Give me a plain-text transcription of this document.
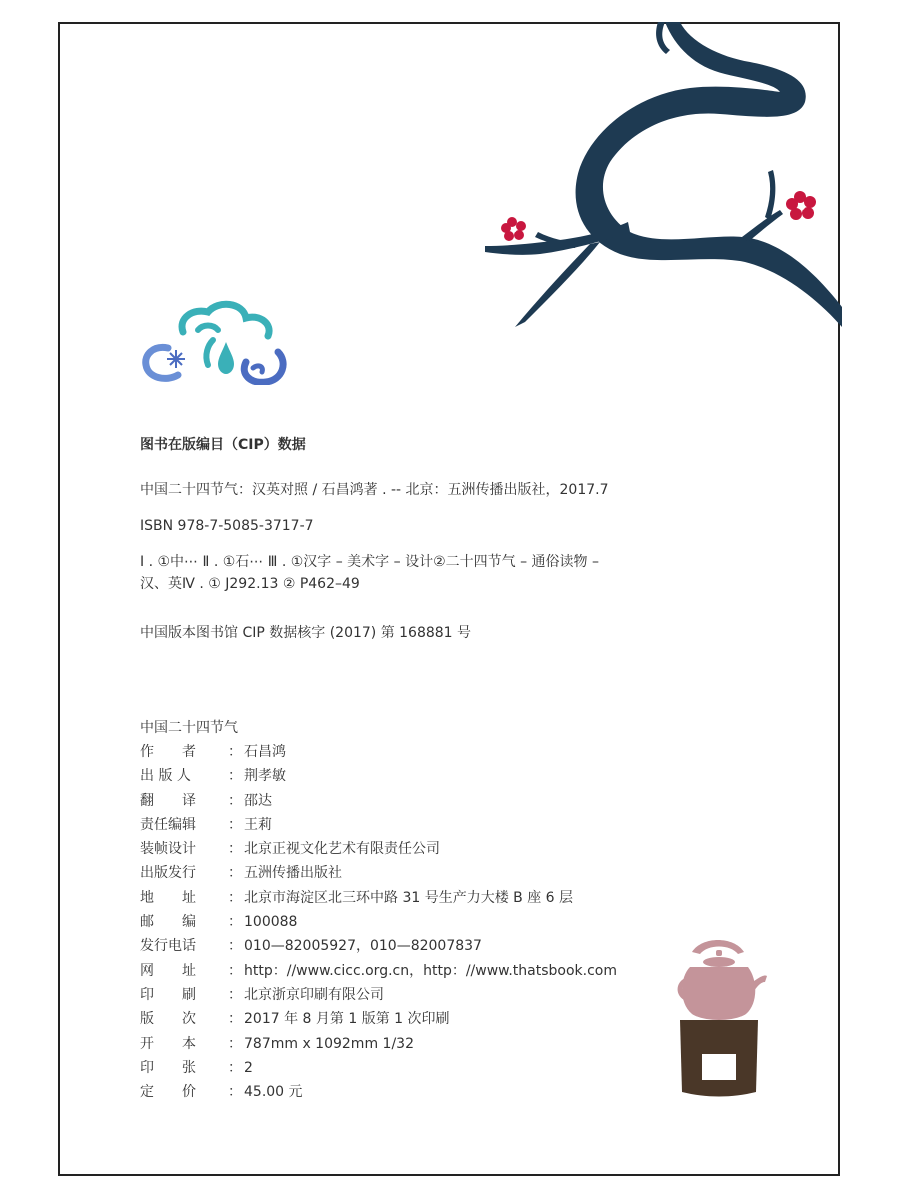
图书在版编目（CIP）数据
中国二十四节气：汉英对照 / 石昌鸿著 . -- 北京：五洲传播出版社，2017.7
ISBN 978-7-5085-3717-7
Ⅰ . ①中⋯ Ⅱ . ①石⋯ Ⅲ . ①汉字 – 美术字 – 设计②二十四节气 – 通俗读物 –
汉、英Ⅳ . ① J292.13 ② P462–49
中国版本图书馆 CIP 数据核字 (2017) 第 168881 号
中国二十四节气
作　　者	： 石昌鸿
出 版 人	： 荆孝敏
翻　　译	： 邵达
责任编辑	： 王莉
装帧设计	： 北京正视文化艺术有限责任公司
出版发行	： 五洲传播出版社
地　　址	： 北京市海淀区北三环中路 31 号生产力大楼 B 座 6 层
邮　　编	： 100088
发行电话	： 010—82005927，010—82007837
网　　址	： http：//www.cicc.org.cn，http：//www.thatsbook.com
印　　刷	： 北京浙京印刷有限公司
版　　次	： 2017 年 8 月第 1 版第 1 次印刷
开　　本	： 787mm x 1092mm 1/32
印　　张	： 2
定　　价	： 45.00 元
